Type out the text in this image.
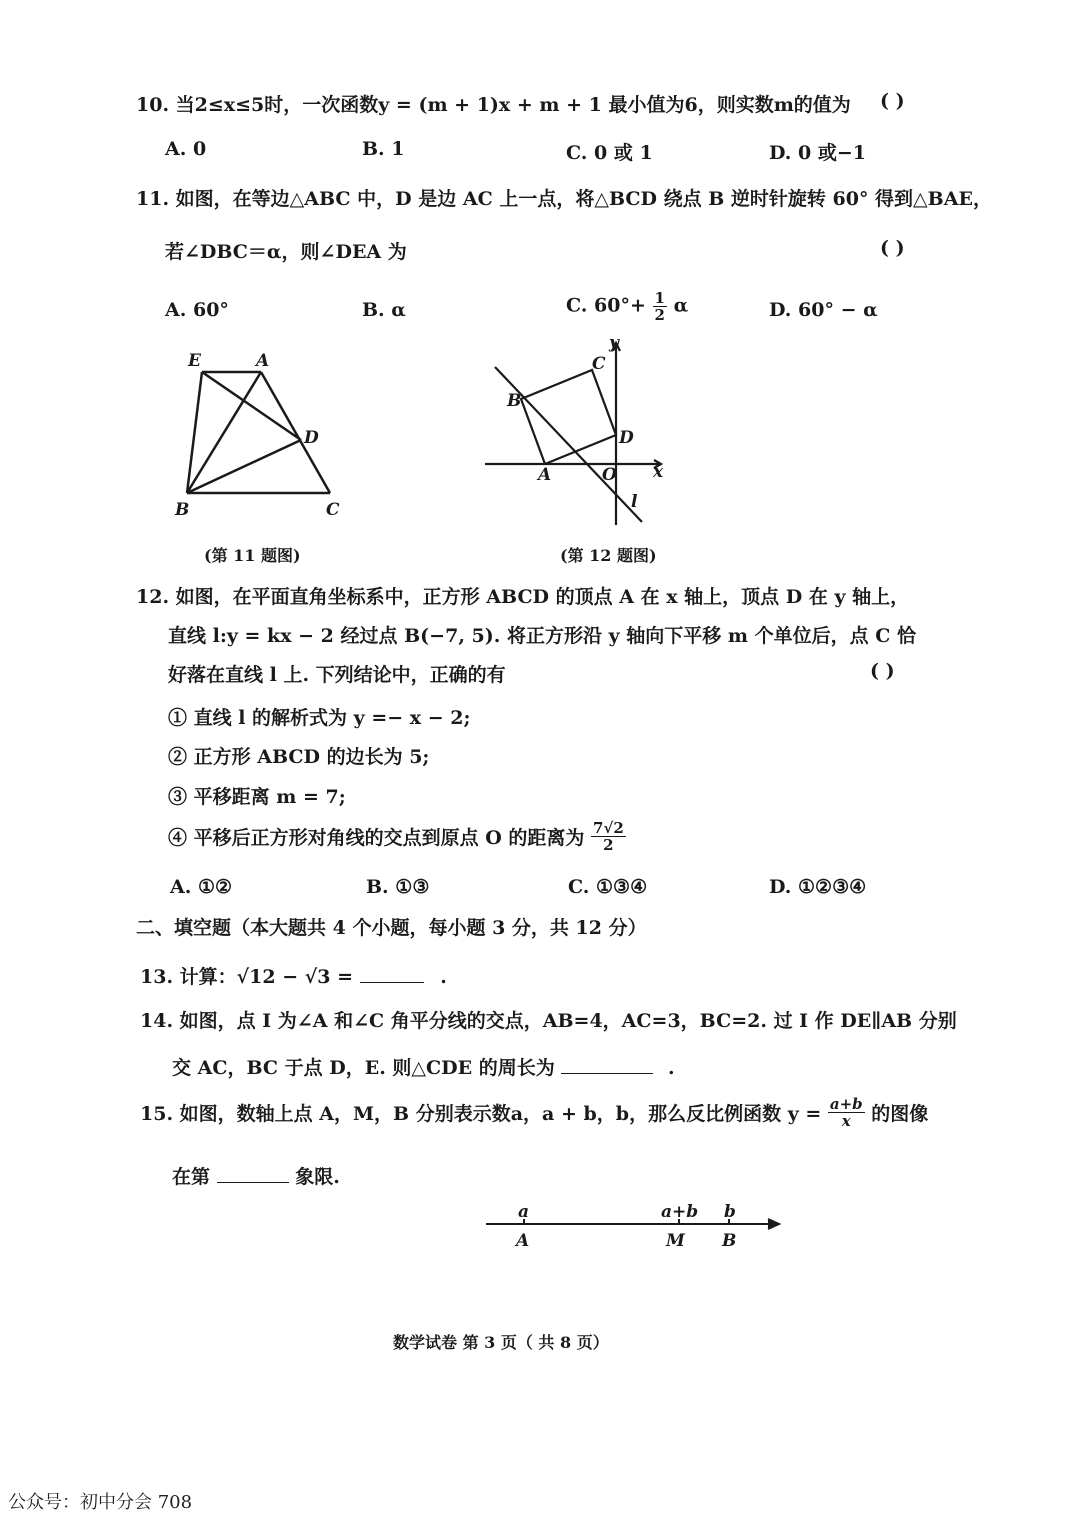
10. 当2≤x≤5时，一次函数y = (m + 1)x + m + 1 最小值为6，则实数m的值为 ( )
A. 0	B. 1	C. 0 或 1	D. 0 或−1
11. 如图，在等边△ABC 中，D 是边 AC 上一点，将△BCD 绕点 B 逆时针旋转 60° 得到△BAE，
若∠DBC＝α，则∠DEA 为	( )
A. 60°	B. α	C. $60^\circ+ \frac{1}{2}$ α	D. 60° − α
E	A
D
B	C
(第 11 题图)
y
C
B
D
A	O x
l
(第 12 题图)
12. 如图，在平面直角坐标系中，正方形 ABCD 的顶点 A 在 x 轴上，顶点 D 在 y 轴上，
直线 l:y = kx − 2 经过点 B(−7, 5). 将正方形沿 y 轴向下平移 m 个单位后，点 C 恰
好落在直线 l 上. 下列结论中，正确的有	( )
① 直线 l 的解析式为 y =− x − 2;
② 正方形 ABCD 的边长为 5;
③ 平移距离 m = 7;
④ 平移后正方形对角线的交点到原点 O 的距离为 $\frac{7√2}{2}$
A. ①②	B. ①③	C. ①③④	D. ①②③④
二、填空题（本大题共 4 个小题，每小题 3 分，共 12 分）
13. 计算：√12 − √3 =	.
14. 如图，点 I 为∠A 和∠C 角平分线的交点，AB=4，AC=3，BC=2. 过 I 作 DE∥AB 分别
交 AC，BC 于点 D，E. 则△CDE 的周长为	.
15. 如图，数轴上点 A，M，B 分别表示数a，a + b，b，那么反比例函数 $y = \frac{a+b}{x}$ 的图像
在第	象限.
a	a+b b
A	M B
数学试卷 第 3 页（ 共 8 页）
公众号：初中分会 708
